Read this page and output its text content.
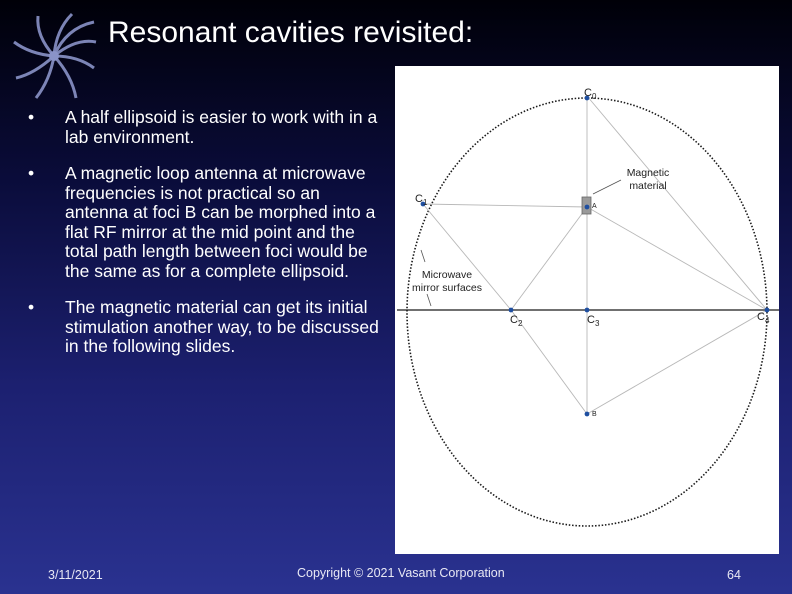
Resonant cavities revisited:
• A half ellipsoid is easier to work with in a lab environment.
• A magnetic loop antenna at microwave frequencies is not practical so an antenna at foci B can be morphed into a flat RF mirror at the mid point and the total path length between foci would be the same as for a complete ellipsoid.
• The magnetic material can get its initial stimulation another way, to be discussed in the following slides.
$C_0$
$C_1$
$C_2$	$C_3$
$C_4$
A
B
Magnetic
material
Microwave
mirror surfaces
3/11/2021	Copyright © 2021 Vasant Corporation	64
